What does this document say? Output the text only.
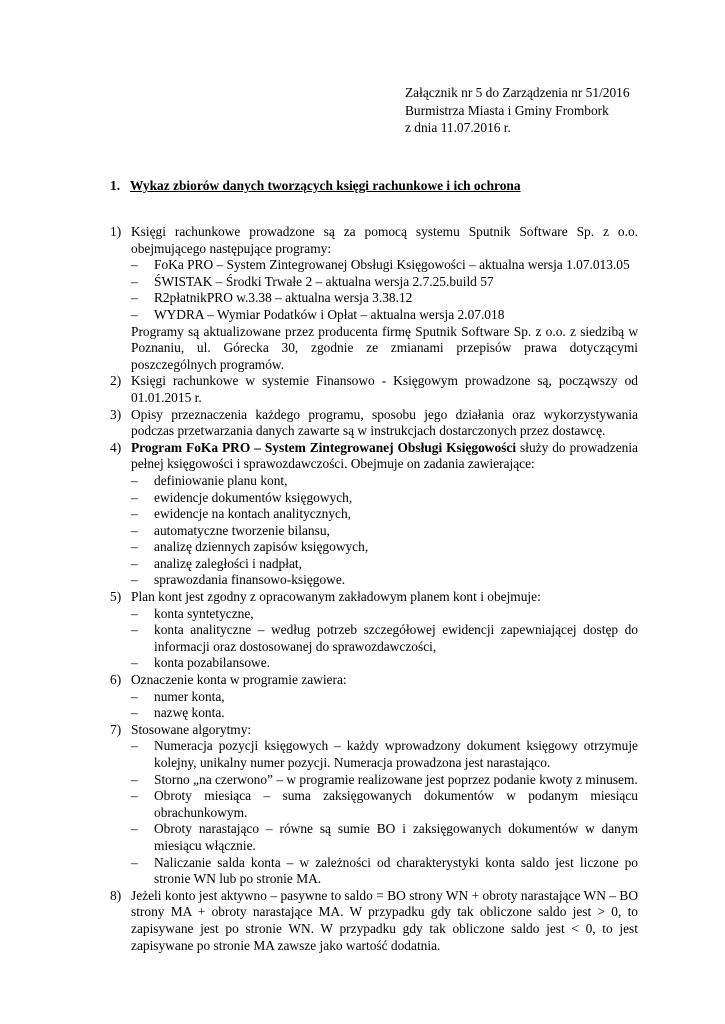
Załącznik nr 5 do Zarządzenia nr 51/2016
Burmistrza Miasta i Gminy Frombork
z dnia 11.07.2016 r.
1. Wykaz zbiorów danych tworzących księgi rachunkowe i ich ochrona
1) Księgi rachunkowe prowadzone są za pomocą systemu Sputnik Software Sp. z o.o. obejmującego następujące programy:

– FoKa PRO – System Zintegrowanej Obsługi Księgowości – aktualna wersja 1.07.013.05
– ŚWISTAK – Środki Trwałe 2 – aktualna wersja 2.7.25.build 57
– R2płatnikPRO w.3.38 – aktualna wersja 3.38.12
– WYDRA – Wymiar Podatków i Opłat – aktualna wersja 2.07.018

Programy są aktualizowane przez producenta firmę Sputnik Software Sp. z o.o. z siedzibą w Poznaniu, ul. Górecka 30, zgodnie ze zmianami przepisów prawa dotyczącymi poszczególnych programów.

2) Księgi rachunkowe w systemie Finansowo - Księgowym prowadzone są, począwszy od 01.01.2015 r.

3) Opisy przeznaczenia każdego programu, sposobu jego działania oraz wykorzystywania podczas przetwarzania danych zawarte są w instrukcjach dostarczonych przez dostawcę.

4) Program FoKa PRO – System Zintegrowanej Obsługi Księgowości służy do prowadzenia pełnej księgowości i sprawozdawczości. Obejmuje on zadania zawierające:

– definiowanie planu kont,
– ewidencje dokumentów księgowych,
– ewidencje na kontach analitycznych,
– automatyczne tworzenie bilansu,
– analizę dziennych zapisów księgowych,
– analizę zaległości i nadpłat,
– sprawozdania finansowo-księgowe.
5) Plan kont jest zgodny z opracowanym zakładowym planem kont i obejmuje:

– konta syntetyczne,
– konta analityczne – według potrzeb szczegółowej ewidencji zapewniającej dostęp do informacji oraz dostosowanej do sprawozdawczości,
– konta pozabilansowe.
6) Oznaczenie konta w programie zawiera:

– numer konta,
– nazwę konta.
7) Stosowane algorytmy:

– Numeracja pozycji księgowych – każdy wprowadzony dokument księgowy otrzymuje kolejny, unikalny numer pozycji. Numeracja prowadzona jest narastająco.
– Storno „na czerwono” – w programie realizowane jest poprzez podanie kwoty z minusem.
– Obroty miesiąca – suma zaksięgowanych dokumentów w podanym miesiącu obrachunkowym.
– Obroty narastająco – równe są sumie BO i zaksięgowanych dokumentów w danym miesiącu włącznie.
– Naliczanie salda konta – w zależności od charakterystyki konta saldo jest liczone po stronie WN lub po stronie MA.
8) Jeżeli konto jest aktywno – pasywne to saldo = BO strony WN + obroty narastające WN – BO strony MA + obroty narastające MA. W przypadku gdy tak obliczone saldo jest > 0, to zapisywane jest po stronie WN. W przypadku gdy tak obliczone saldo jest < 0, to jest zapisywane po stronie MA zawsze jako wartość dodatnia.
